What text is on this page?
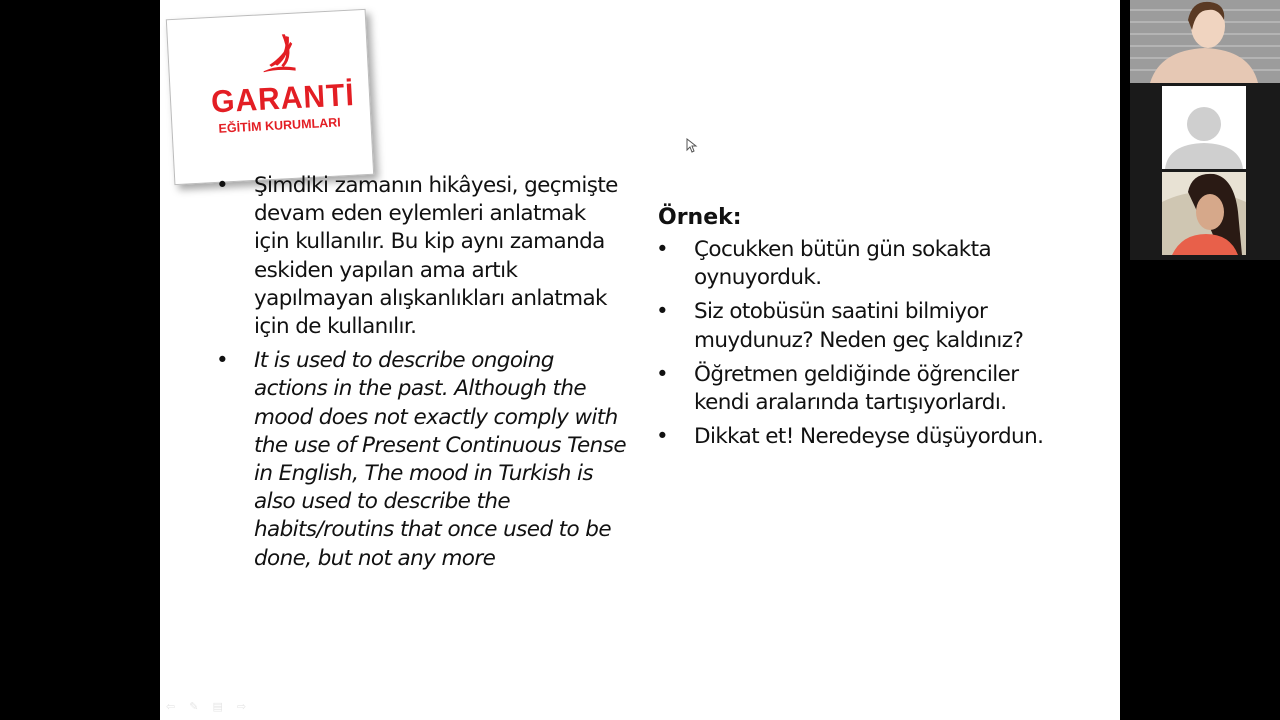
GARANTİ
EĞİTİM KURUMLARI
• Şimdiki zamanın hikâyesi, geçmişte devam eden eylemleri anlatmak için kullanılır. Bu kip aynı zamanda eskiden yapılan ama artık yapılmayan alışkanlıkları anlatmak için de kullanılır.
• It is used to describe ongoing actions in the past. Although the mood does not exactly comply with the use of Present Continuous Tense in English, The mood in Turkish is also used to describe the habits/routins that once used to be done, but not any more
Örnek:
• Çocukken bütün gün sokakta oynuyorduk.
• Siz otobüsün saatini bilmiyor muydunuz? Neden geç kaldınız?
• Öğretmen geldiğinde öğrenciler kendi aralarında tartışıyorlardı.
• Dikkat et! Neredeyse düşüyordun.
⇦ ✎ ▤ ⇨
